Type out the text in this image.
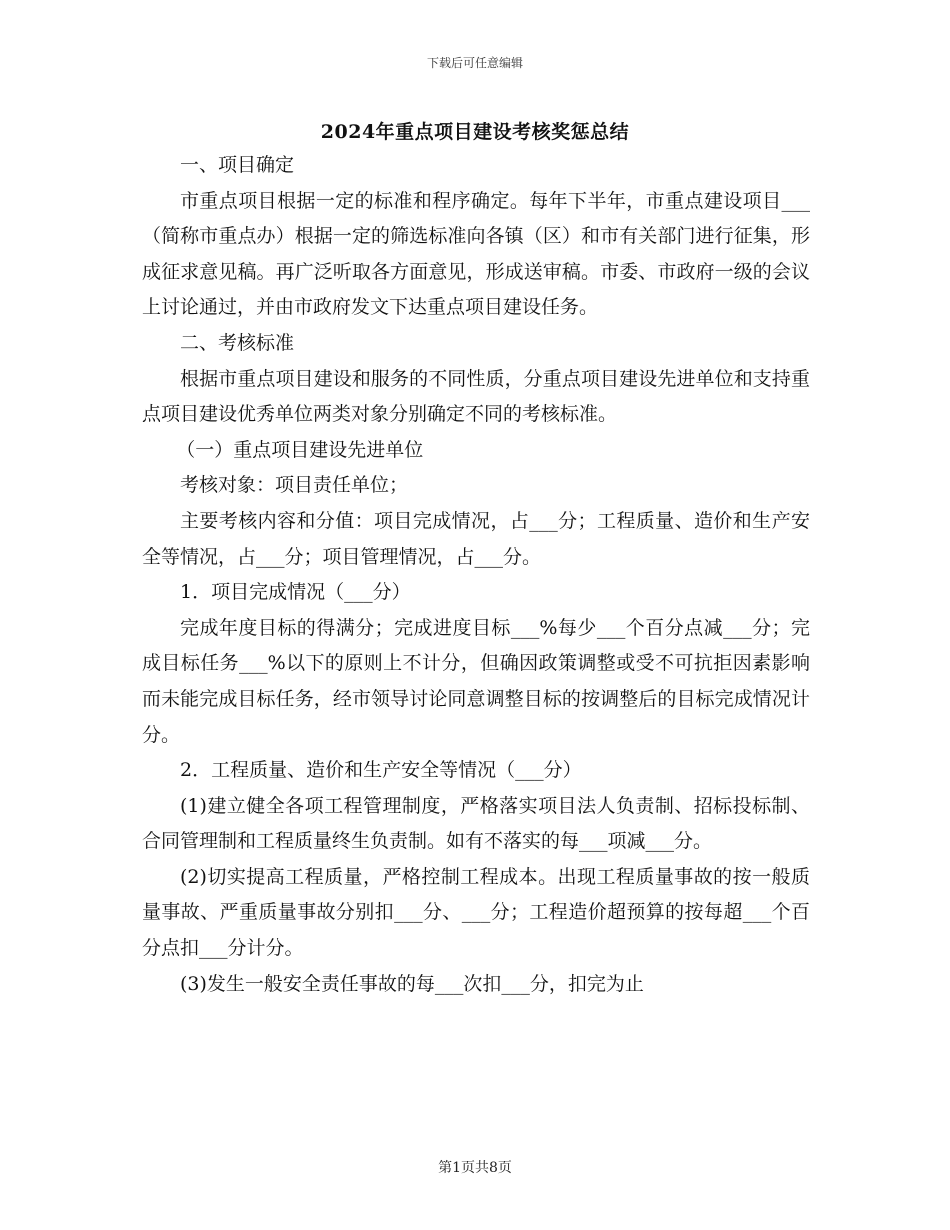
下载后可任意编辑
2024年重点项目建设考核奖惩总结

一、项目确定

市重点项目根据一定的标准和程序确定。每年下半年，市重点建设项目___（简称市重点办）根据一定的筛选标准向各镇（区）和市有关部门进行征集，形成征求意见稿。再广泛听取各方面意见，形成送审稿。市委、市政府一级的会议上讨论通过，并由市政府发文下达重点项目建设任务。

二、考核标准

根据市重点项目建设和服务的不同性质，分重点项目建设先进单位和支持重点项目建设优秀单位两类对象分别确定不同的考核标准。

（一）重点项目建设先进单位

考核对象：项目责任单位；

主要考核内容和分值：项目完成情况，占___分；工程质量、造价和生产安全等情况，占___分；项目管理情况，占___分。

1．项目完成情况（___分）

完成年度目标的得满分；完成进度目标___%每少___个百分点减___分；完成目标任务___%以下的原则上不计分，但确因政策调整或受不可抗拒因素影响而未能完成目标任务，经市领导讨论同意调整目标的按调整后的目标完成情况计分。

2．工程质量、造价和生产安全等情况（___分）

(1)建立健全各项工程管理制度，严格落实项目法人负责制、招标投标制、合同管理制和工程质量终生负责制。如有不落实的每___项减___分。

(2)切实提高工程质量，严格控制工程成本。出现工程质量事故的按一般质量事故、严重质量事故分别扣___分、___分；工程造价超预算的按每超___个百分点扣___分计分。

(3)发生一般安全责任事故的每___次扣___分，扣完为止

第1页共8页
